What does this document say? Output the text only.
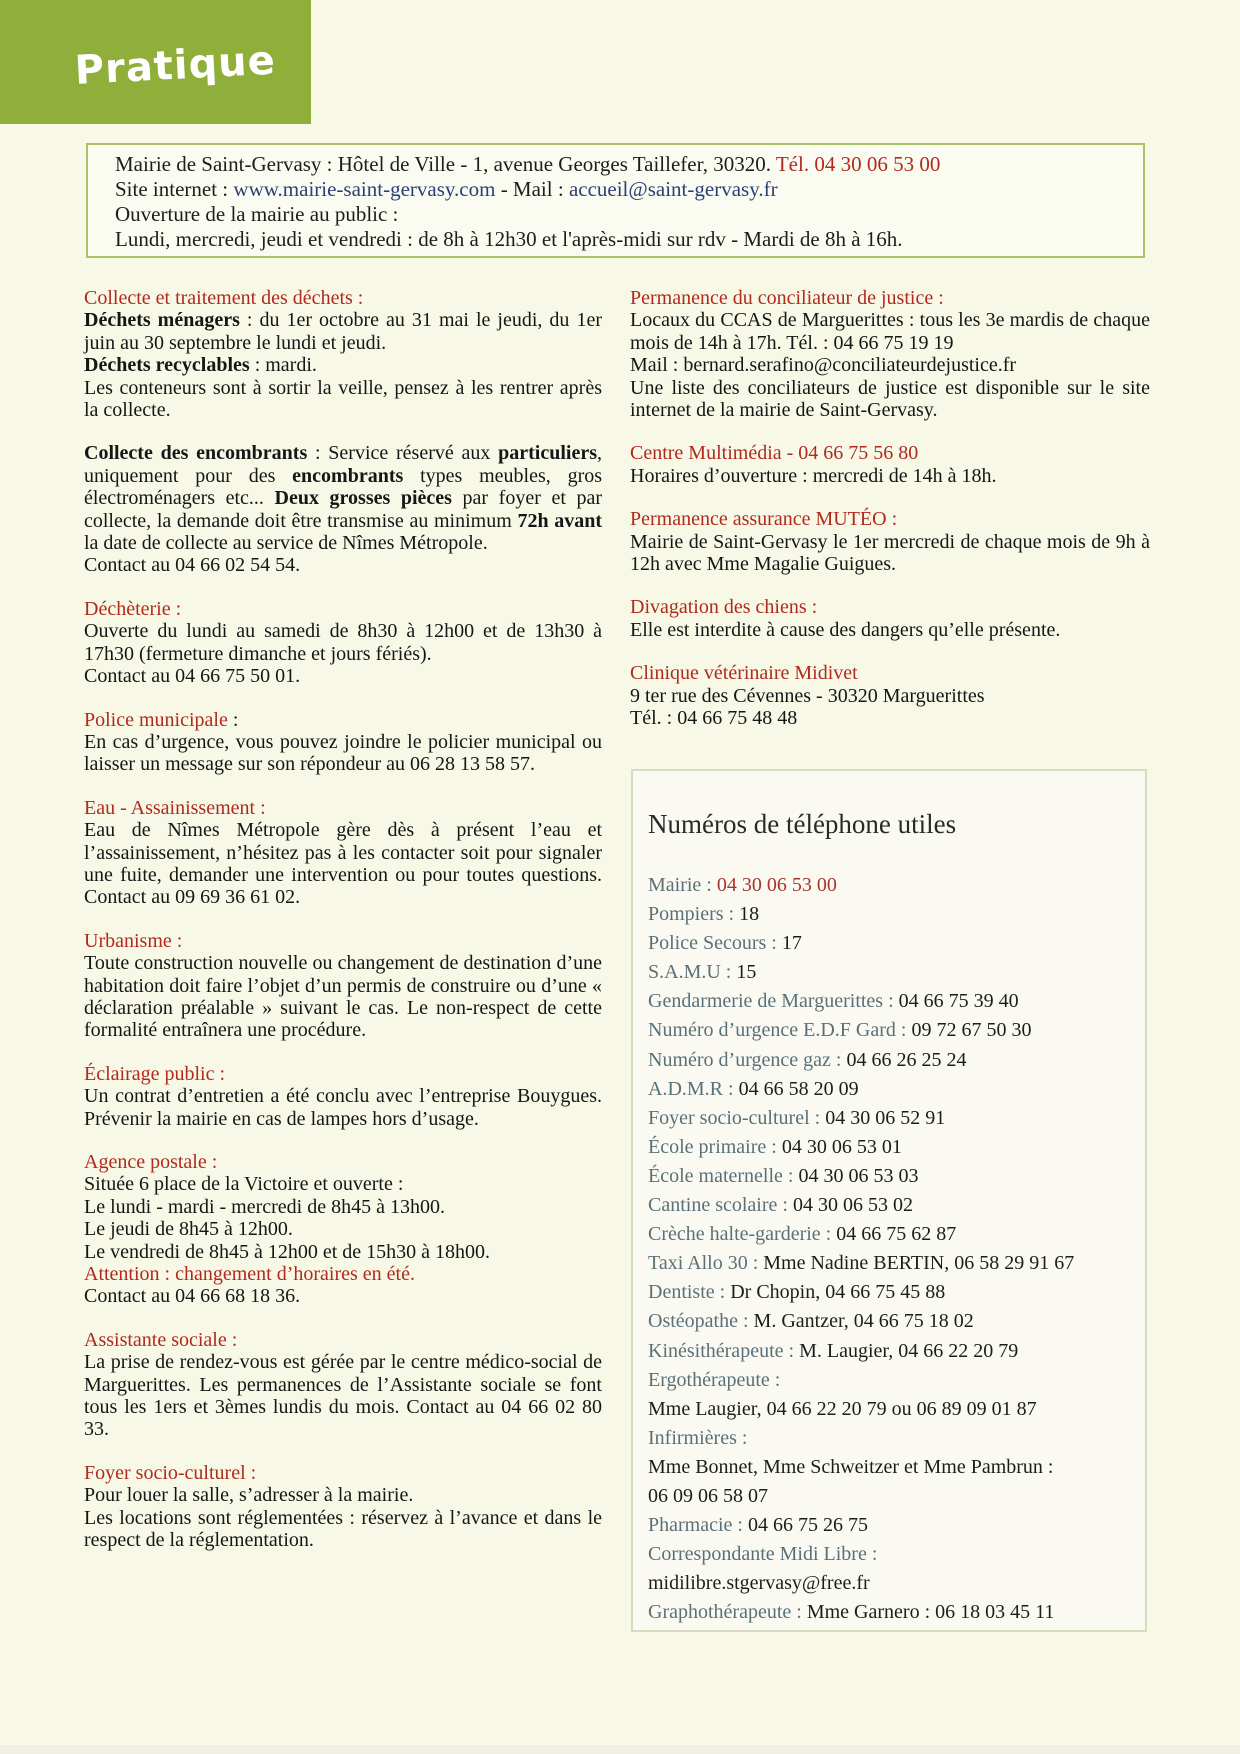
Pratique
Mairie de Saint-Gervasy : Hôtel de Ville - 1, avenue Georges Taillefer, 30320. Tél. 04 30 06 53 00
Site internet : www.mairie-saint-gervasy.com - Mail : accueil@saint-gervasy.fr
Ouverture de la mairie au public :
Lundi, mercredi, jeudi et vendredi : de 8h à 12h30 et l'après-midi sur rdv - Mardi de 8h à 16h.
Collecte et traitement des déchets :

Déchets ménagers : du 1er octobre au 31 mai le jeudi, du 1er juin au 30 septembre le lundi et jeudi.

Déchets recyclables : mardi.

Les conteneurs sont à sortir la veille, pensez à les rentrer après la collecte.

Collecte des encombrants : Service réservé aux particuliers, uniquement pour des encombrants types meubles, gros électroménagers etc... Deux grosses pièces par foyer et par collecte, la demande doit être transmise au minimum 72h avant la date de collecte au service de Nîmes Métropole.

Contact au 04 66 02 54 54.

Déchèterie :

Ouverte du lundi au samedi de 8h30 à 12h00 et de 13h30 à 17h30 (fermeture dimanche et jours fériés).

Contact au 04 66 75 50 01.

Police municipale :

En cas d’urgence, vous pouvez joindre le policier municipal ou laisser un message sur son répondeur au 06 28 13 58 57.

Eau - Assainissement :

Eau de Nîmes Métropole gère dès à présent l’eau et l’assainissement, n’hésitez pas à les contacter soit pour signaler une fuite, demander une intervention ou pour toutes questions. Contact au 09 69 36 61 02.

Urbanisme :

Toute construction nouvelle ou changement de destination d’une habitation doit faire l’objet d’un permis de construire ou d’une « déclaration préalable » suivant le cas. Le non-respect de cette formalité entraînera une procédure.

Éclairage public :

Un contrat d’entretien a été conclu avec l’entreprise Bouygues. Prévenir la mairie en cas de lampes hors d’usage.

Agence postale :

Située 6 place de la Victoire et ouverte :

Le lundi - mardi - mercredi de 8h45 à 13h00.

Le jeudi de 8h45 à 12h00.

Le vendredi de 8h45 à 12h00 et de 15h30 à 18h00.

Attention : changement d’horaires en été.

Contact au 04 66 68 18 36.

Assistante sociale :

La prise de rendez-vous est gérée par le centre médico-social de Marguerittes. Les permanences de l’Assistante sociale se font tous les 1ers et 3èmes lundis du mois. Contact au 04 66 02 80 33.

Foyer socio-culturel :

Pour louer la salle, s’adresser à la mairie.

Les locations sont réglementées : réservez à l’avance et dans le respect de la réglementation.

Permanence du conciliateur de justice :

Locaux du CCAS de Marguerittes : tous les 3e mardis de chaque mois de 14h à 17h. Tél. : 04 66 75 19 19

Mail : bernard.serafino@conciliateurdejustice.fr

Une liste des conciliateurs de justice est disponible sur le site internet de la mairie de Saint-Gervasy.

Centre Multimédia - 04 66 75 56 80

Horaires d’ouverture : mercredi de 14h à 18h.

Permanence assurance MUTÉO :

Mairie de Saint-Gervasy le 1er mercredi de chaque mois de 9h à 12h avec Mme Magalie Guigues.

Divagation des chiens :

Elle est interdite à cause des dangers qu’elle présente.

Clinique vétérinaire Midivet

9 ter rue des Cévennes - 30320 Marguerittes

Tél. : 04 66 75 48 48

Numéros de téléphone utiles
Mairie : 04 30 06 53 00
Pompiers : 18
Police Secours : 17
S.A.M.U : 15
Gendarmerie de Marguerittes : 04 66 75 39 40
Numéro d’urgence E.D.F Gard : 09 72 67 50 30
Numéro d’urgence gaz : 04 66 26 25 24
A.D.M.R : 04 66 58 20 09
Foyer socio-culturel : 04 30 06 52 91
École primaire : 04 30 06 53 01
École maternelle : 04 30 06 53 03
Cantine scolaire : 04 30 06 53 02
Crèche halte-garderie : 04 66 75 62 87
Taxi Allo 30 : Mme Nadine BERTIN, 06 58 29 91 67
Dentiste : Dr Chopin, 04 66 75 45 88
Ostéopathe : M. Gantzer, 04 66 75 18 02
Kinésithérapeute : M. Laugier, 04 66 22 20 79
Ergothérapeute :
Mme Laugier, 04 66 22 20 79 ou 06 89 09 01 87
Infirmières :
Mme Bonnet, Mme Schweitzer et Mme Pambrun :
06 09 06 58 07
Pharmacie : 04 66 75 26 75
Correspondante Midi Libre :
midilibre.stgervasy@free.fr
Graphothérapeute : Mme Garnero : 06 18 03 45 11
